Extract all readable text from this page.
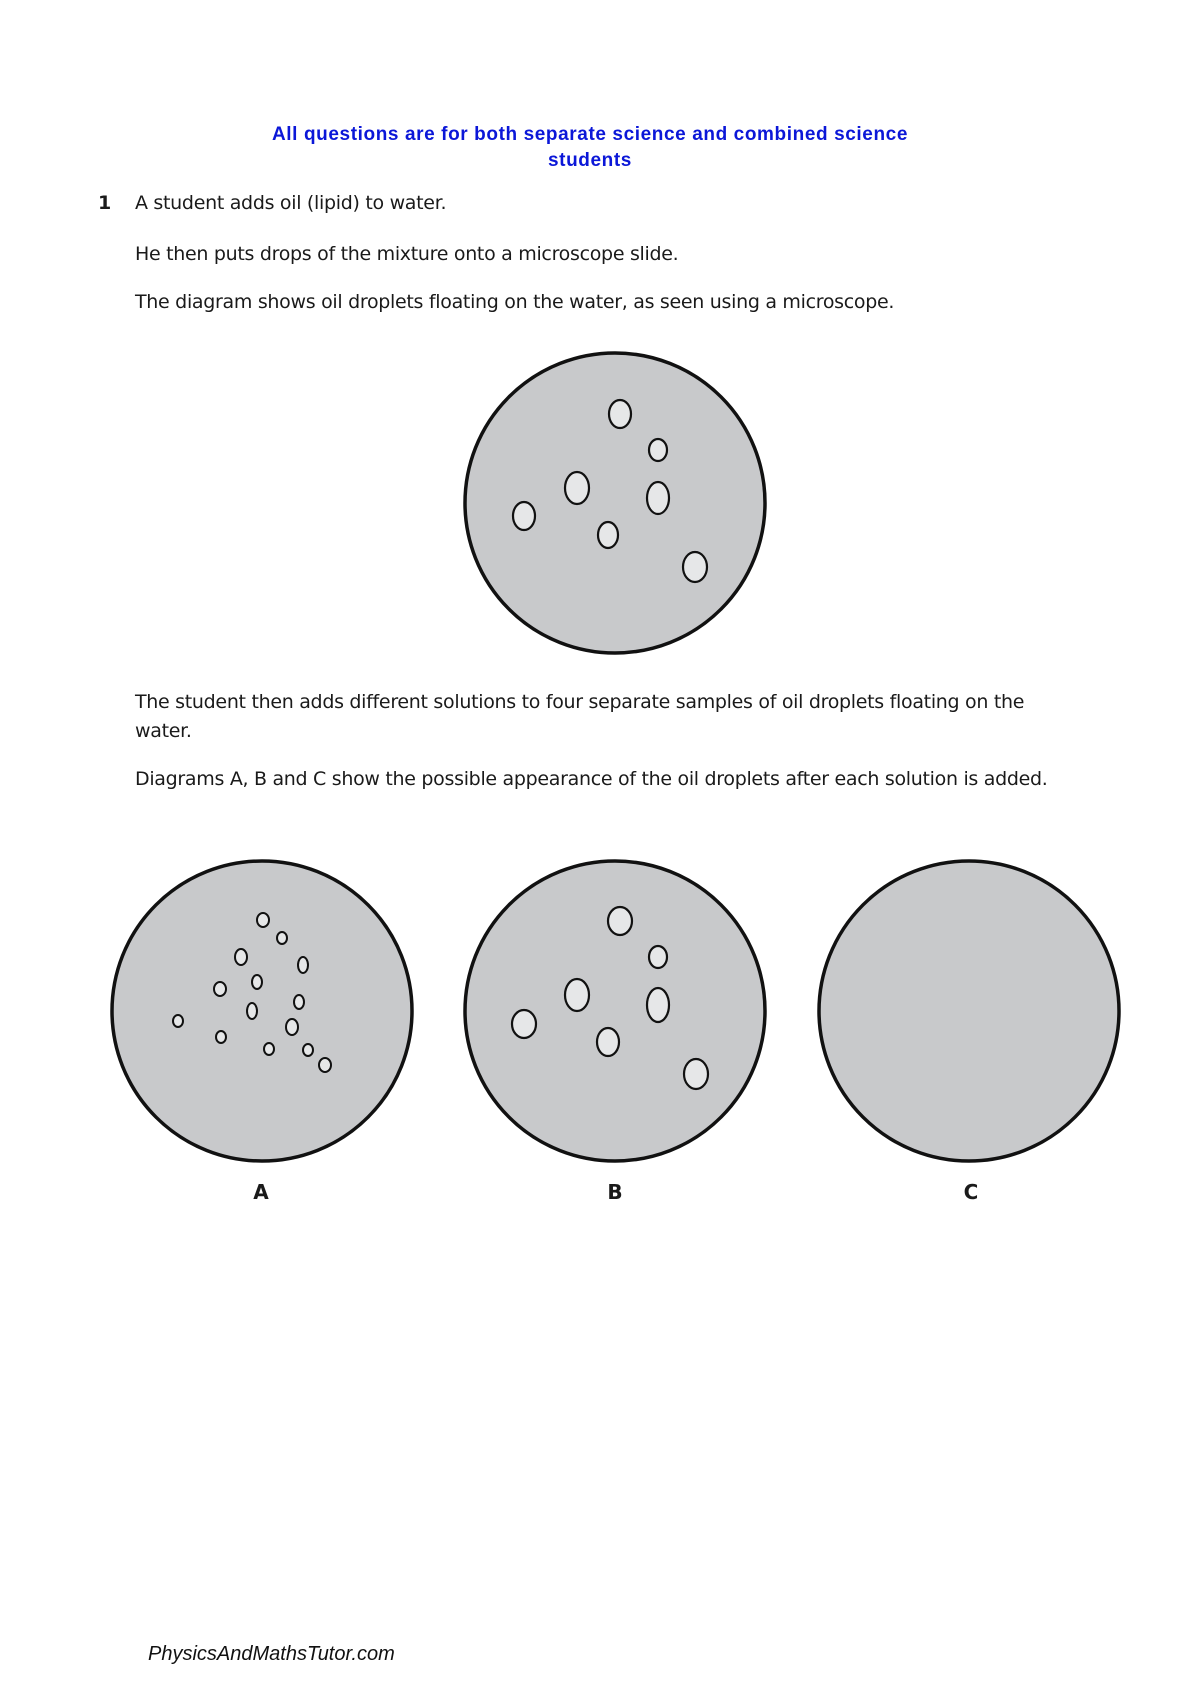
All questions are for both separate science and combined science
students
1 A student adds oil (lipid) to water.

He then puts drops of the mixture onto a microscope slide.

The diagram shows oil droplets floating on the water, as seen using a microscope.

The student then adds different solutions to four separate samples of oil droplets floating on the water.

Diagrams A, B and C show the possible appearance of the oil droplets after each solution is added.

A	B	C
PhysicsAndMathsTutor.com
